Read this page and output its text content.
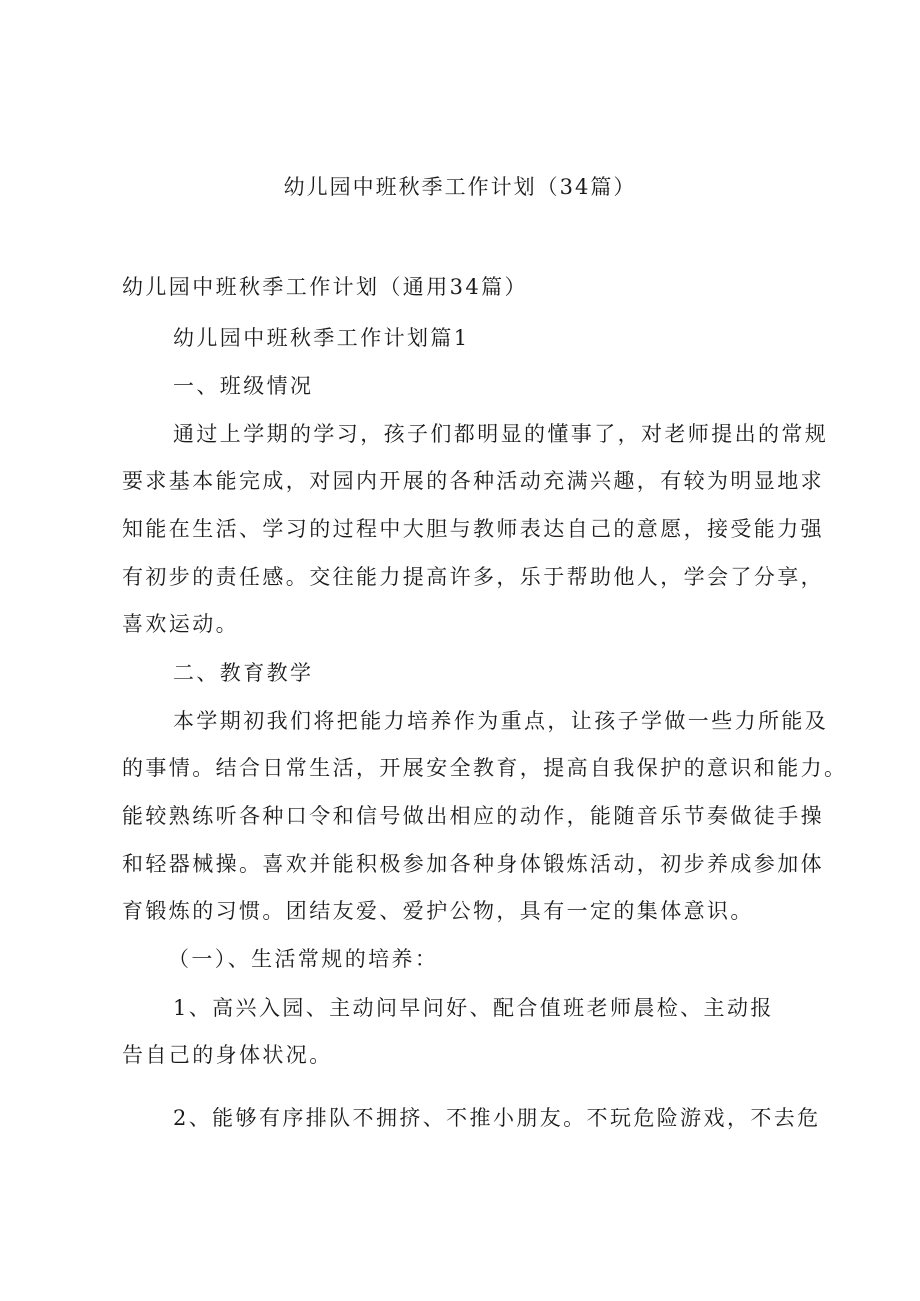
幼儿园中班秋季工作计划（34篇）
幼儿园中班秋季工作计划（通用34篇）
幼儿园中班秋季工作计划篇1
一、班级情况
通过上学期的学习，孩子们都明显的懂事了，对老师提出的常规
要求基本能完成，对园内开展的各种活动充满兴趣，有较为明显地求
知能在生活、学习的过程中大胆与教师表达自己的意愿，接受能力强
有初步的责任感。交往能力提高许多，乐于帮助他人，学会了分享，
喜欢运动。
二、教育教学
本学期初我们将把能力培养作为重点，让孩子学做一些力所能及
的事情。结合日常生活，开展安全教育，提高自我保护的意识和能力。
能较熟练听各种口令和信号做出相应的动作，能随音乐节奏做徒手操
和轻器械操。喜欢并能积极参加各种身体锻炼活动，初步养成参加体
育锻炼的习惯。团结友爱、爱护公物，具有一定的集体意识。
（一）、生活常规的培养：
1、高兴入园、主动问早问好、配合值班老师晨检、主动报
告自己的身体状况。
2、能够有序排队不拥挤、不推小朋友。不玩危险游戏，不去危
